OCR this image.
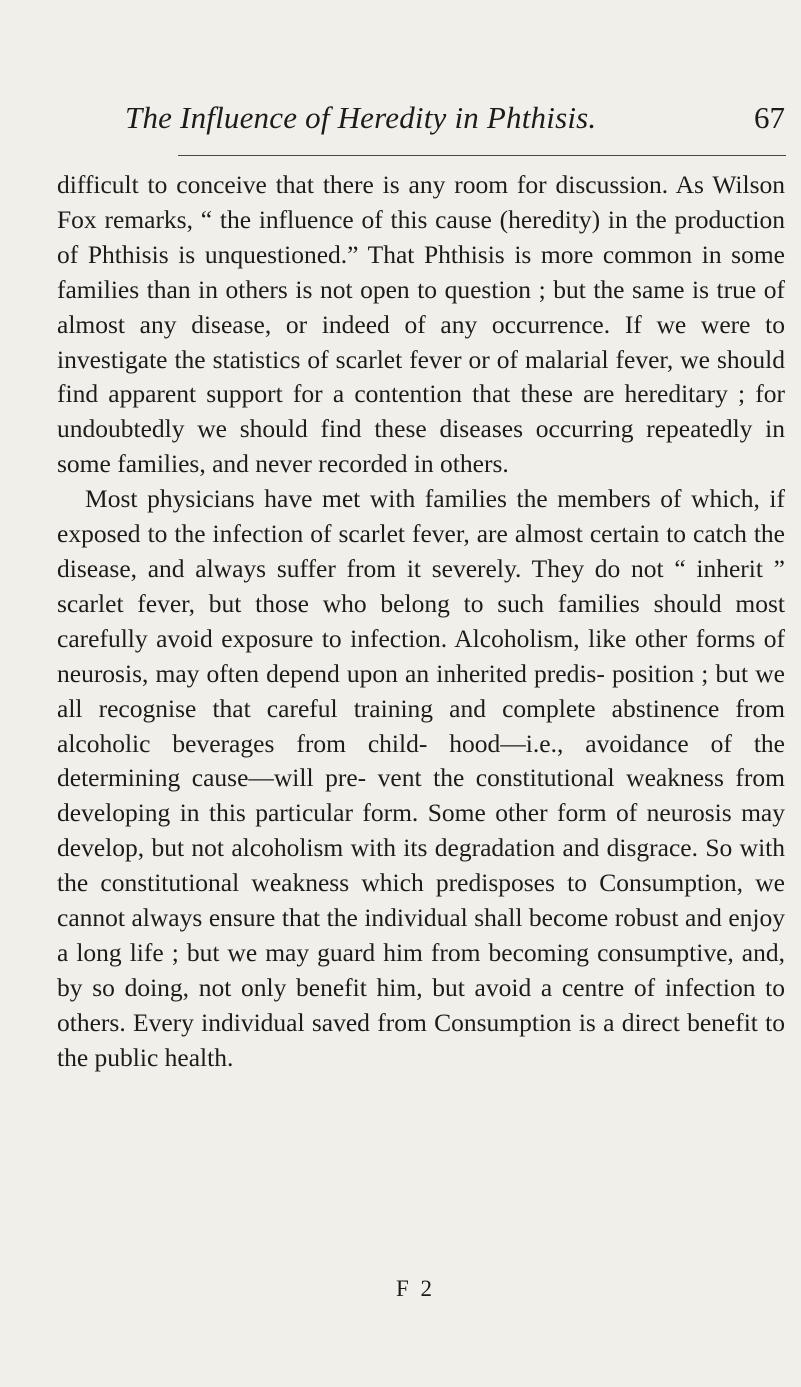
The Influence of Heredity in Phthisis.	67

difficult to conceive that there is any room for discussion. As Wilson Fox remarks, “ the influence of this cause (heredity) in the production of Phthisis is unquestioned.” That Phthisis is more common in some families than in others is not open to question ; but the same is true of almost any disease, or indeed of any occurrence. If we were to investigate the statistics of scarlet fever or of malarial fever, we should find apparent support for a contention that these are hereditary ; for undoubtedly we should find these diseases occurring repeatedly in some families, and never recorded in others.

Most physicians have met with families the members of which, if exposed to the infection of scarlet fever, are almost certain to catch the disease, and always suffer from it severely. They do not “ inherit ” scarlet fever, but those who belong to such families should most carefully avoid exposure to infection. Alcoholism, like other forms of neurosis, may often depend upon an inherited predis- position ; but we all recognise that careful training and complete abstinence from alcoholic beverages from child- hood—i.e., avoidance of the determining cause—will pre- vent the constitutional weakness from developing in this particular form. Some other form of neurosis may develop, but not alcoholism with its degradation and disgrace. So with the constitutional weakness which predisposes to Consumption, we cannot always ensure that the individual shall become robust and enjoy a long life ; but we may guard him from becoming consumptive, and, by so doing, not only benefit him, but avoid a centre of infection to others. Every individual saved from Consumption is a direct benefit to the public health.

F 2
